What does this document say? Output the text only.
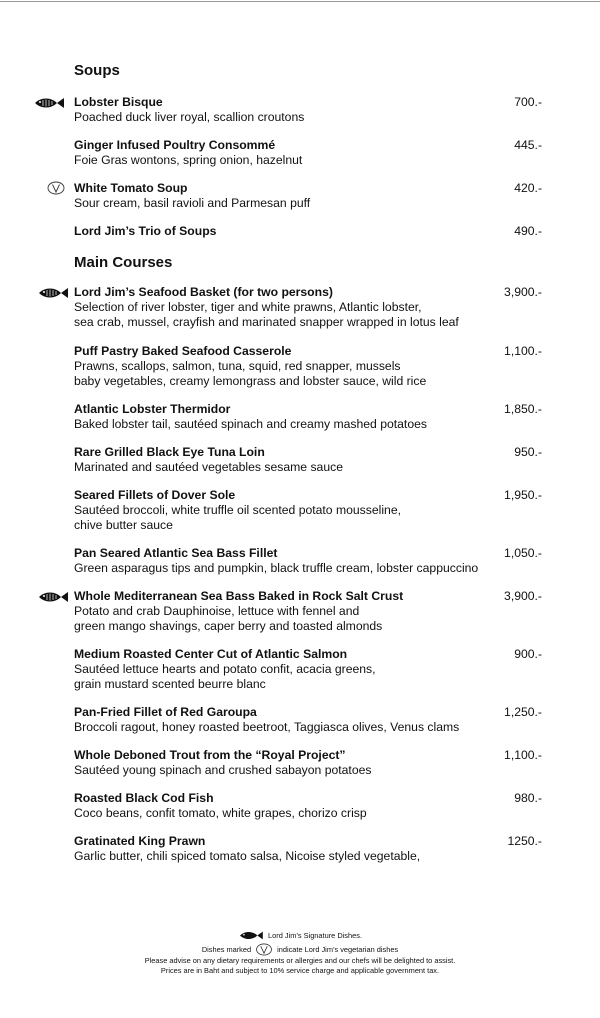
Soups
Lobster Bisque
Poached duck liver royal, scallion croutons
700.-
Ginger Infused Poultry Consommé
Foie Gras wontons, spring onion, hazelnut
445.-
White Tomato Soup
Sour cream, basil ravioli and Parmesan puff
420.-
Lord Jim’s Trio of Soups	490.-
Main Courses
Lord Jim’s Seafood Basket (for two persons)
Selection of river lobster, tiger and white prawns, Atlantic lobster,
sea crab, mussel, crayfish and marinated snapper wrapped in lotus leaf
3,900.-
Puff Pastry Baked Seafood Casserole
Prawns, scallops, salmon, tuna, squid, red snapper, mussels
baby vegetables, creamy lemongrass and lobster sauce, wild rice
1,100.-
Atlantic Lobster Thermidor
Baked lobster tail, sautéed spinach and creamy mashed potatoes
1,850.-
Rare Grilled Black Eye Tuna Loin
Marinated and sautéed vegetables sesame sauce
950.-
Seared Fillets of Dover Sole
Sautéed broccoli, white truffle oil scented potato mousseline,
chive butter sauce
1,950.-
Pan Seared Atlantic Sea Bass Fillet
Green asparagus tips and pumpkin, black truffle cream, lobster cappuccino
1,050.-
Whole Mediterranean Sea Bass Baked in Rock Salt Crust
Potato and crab Dauphinoise, lettuce with fennel and
green mango shavings, caper berry and toasted almonds
3,900.-
Medium Roasted Center Cut of Atlantic Salmon
Sautéed lettuce hearts and potato confit, acacia greens,
grain mustard scented beurre blanc
900.-
Pan-Fried Fillet of Red Garoupa
Broccoli ragout, honey roasted beetroot, Taggiasca olives, Venus clams
1,250.-
Whole Deboned Trout from the “Royal Project”
Sautéed young spinach and crushed sabayon potatoes
1,100.-
Roasted Black Cod Fish
Coco beans, confit tomato, white grapes, chorizo crisp
980.-
Gratinated King Prawn
Garlic butter, chili spiced tomato salsa, Nicoise styled vegetable,
1250.-
Lord Jim’s Signature Dishes.
Dishes marked	indicate Lord Jim’s vegetarian dishes
Please advise on any dietary requirements or allergies and our chefs will be delighted to assist.
Prices are in Baht and subject to 10% service charge and applicable government tax.
